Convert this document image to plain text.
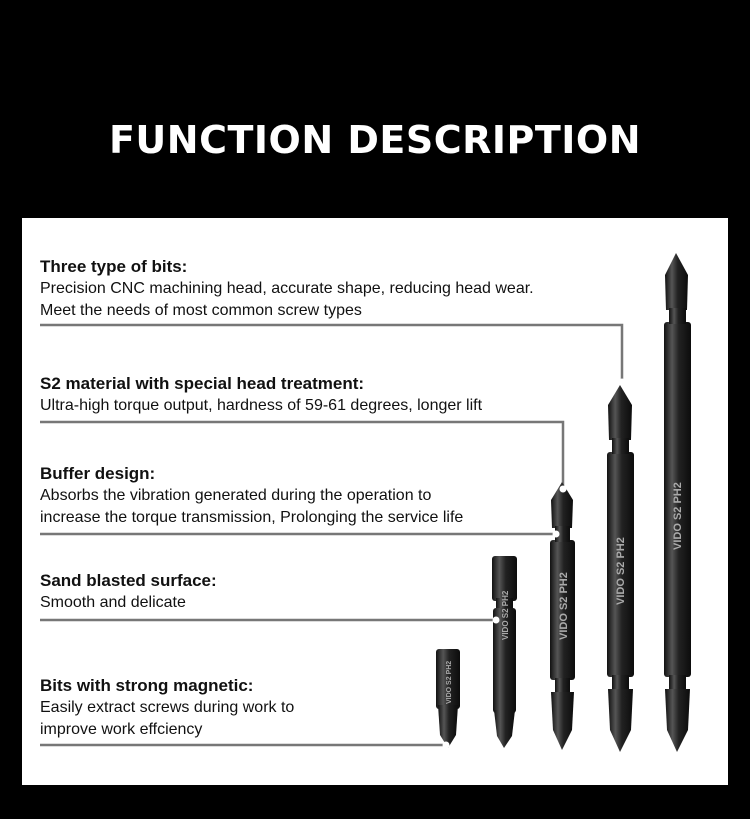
FUNCTION DESCRIPTION
Three type of bits:

Precision CNC machining head, accurate shape, reducing head wear.

Meet the needs of most common screw types

S2 material with special head treatment:

Ultra-high torque output, hardness of 59-61 degrees, longer lift

Buffer design:

Absorbs the vibration generated during the operation to

increase the torque transmission, Prolonging the service life

Sand blasted surface:

Smooth and delicate

Bits with strong magnetic:

Easily extract screws during work to

improve work effciency

VIDO S2 PH2
VIDO S2 PH2	VIDO S2 PH2
VIDO S2 PH2
VIDO S2 PH2
